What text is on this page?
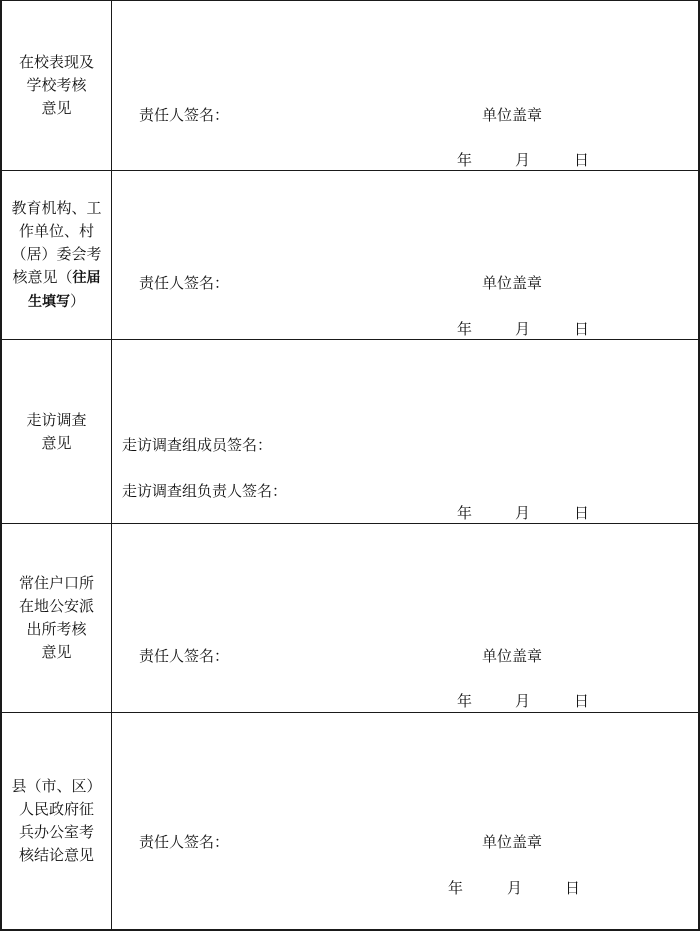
在校表现及
学校考核
意见	责任人签名：	单位盖章
年	月	日
教育机构、工
作单位、村
（居）委会考
核意见（往届
生填写）
责任人签名：	单位盖章
年	月	日
走访调查
意见	走访调查组成员签名：
走访调查组负责人签名：
年	月	日
常住户口所
在地公安派
出所考核
意见	责任人签名：	单位盖章
年	月	日
县（市、区）
人民政府征
兵办公室考
核结论意见
责任人签名：	单位盖章
年	月	日
